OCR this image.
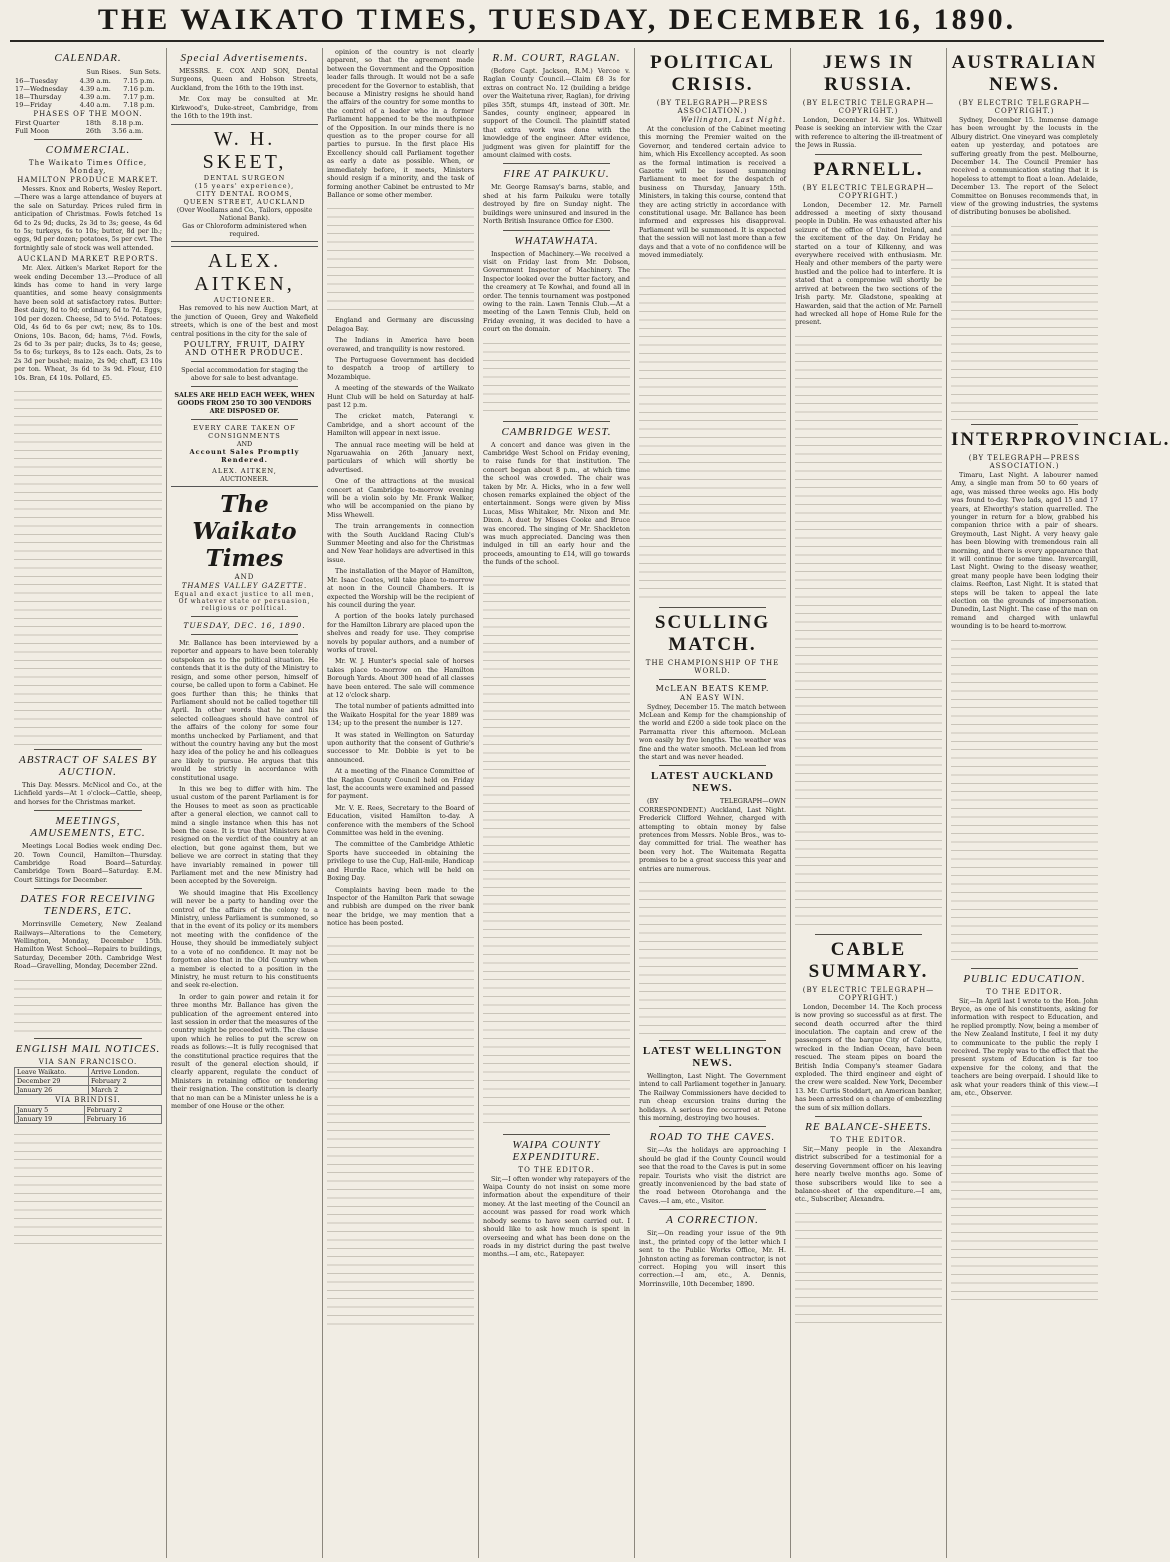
THE WAIKATO TIMES, TUESDAY, DECEMBER 16, 1890.
CALENDAR.
	Sun Rises.	Sun Sets.
16—Tuesday	4.39 a.m.	7.15 p.m.
17—Wednesday	4.39 a.m.	7.16 p.m.
18—Thursday	4.39 a.m.	7.17 p.m.
19—Friday	4.40 a.m.	7.18 p.m.
PHASES OF THE MOON.
First Quarter	18th	8.18 p.m.
Full Moon	26th	3.56 a.m.
COMMERCIAL.
The Waikato Times Office, Monday,
HAMILTON PRODUCE MARKET.

Messrs. Knox and Roberts, Wesley Report.—There was a large attendance of buyers at the sale on Saturday. Prices ruled firm in anticipation of Christmas. Fowls fetched 1s 6d to 2s 9d; ducks, 2s 3d to 3s; geese, 4s 6d to 5s; turkeys, 6s to 10s; butter, 8d per lb.; eggs, 9d per dozen; potatoes, 5s per cwt. The fortnightly sale of stock was well attended.

AUCKLAND MARKET REPORTS.

Mr. Alex. Aitken's Market Report for the week ending December 13.—Produce of all kinds has come to hand in very large quantities, and some heavy consignments have been sold at satisfactory rates. Butter: Best dairy, 8d to 9d; ordinary, 6d to 7d. Eggs, 10d per dozen. Cheese, 5d to 5½d. Potatoes: Old, 4s 6d to 6s per cwt; new, 8s to 10s. Onions, 10s. Bacon, 6d; hams, 7½d. Fowls, 2s 6d to 3s per pair; ducks, 3s to 4s; geese, 5s to 6s; turkeys, 8s to 12s each. Oats, 2s to 2s 3d per bushel; maize, 2s 9d; chaff, £3 10s per ton. Wheat, 3s 6d to 3s 9d. Flour, £10 10s. Bran, £4 10s. Pollard, £5.

ABSTRACT OF SALES BY AUCTION.

This Day. Messrs. McNicol and Co., at the Lichfield yards—At 1 o'clock—Cattle, sheep, and horses for the Christmas market.

MEETINGS, AMUSEMENTS, ETC.

Meetings Local Bodies week ending Dec. 20. Town Council, Hamilton—Thursday. Cambridge Road Board—Saturday. Cambridge Town Board—Saturday. E.M. Court Sittings for December.

DATES FOR RECEIVING TENDERS, ETC.

Morrinsville Cemetery, New Zealand Railways—Alterations to the Cemetery, Wellington, Monday, December 15th. Hamilton West School—Repairs to buildings, Saturday, December 20th. Cambridge West Road—Gravelling, Monday, December 22nd.

ENGLISH MAIL NOTICES.
VIA SAN FRANCISCO.
Leave Waikato.	Arrive London.
December 29	February 2
January 26	March 2
VIA BRINDISI.
January 5	February 2
January 19	February 16
Special Advertisements.

MESSRS. E. COX AND SON, Dental Surgeons, Queen and Hobson Streets, Auckland, from the 16th to the 19th inst.

Mr. Cox may be consulted at Mr. Kirkwood's, Duke-street, Cambridge, from the 16th to the 19th inst.

W. H. SKEET,
DENTAL SURGEON
(15 years' experience),
CITY DENTAL ROOMS,
QUEEN STREET, AUCKLAND
(Over Woollams and Co., Tailors, opposite National Bank).
Gas or Chloroform administered when required.
ALEX. AITKEN,
AUCTIONEER.

Has removed to his new Auction Mart, at the junction of Queen, Grey and Wakefield streets, which is one of the best and most central positions in the city for the sale of

POULTRY, FRUIT, DAIRY AND OTHER PRODUCE.
Special accommodation for staging the above for sale to best advantage.
SALES ARE HELD EACH WEEK, WHEN GOODS FROM 250 TO 300 VENDORS ARE DISPOSED OF.
EVERY CARE TAKEN OF CONSIGNMENTS
AND
Account Sales Promptly Rendered.
ALEX. AITKEN,
AUCTIONEER.
The Waikato Times
AND
THAMES VALLEY GAZETTE.
Equal and exact justice to all men, Of whatever state or persuasion, religious or political.
TUESDAY, DEC. 16, 1890.

Mr. Ballance has been interviewed by a reporter and appears to have been tolerably outspoken as to the political situation. He contends that it is the duty of the Ministry to resign, and some other person, himself of course, be called upon to form a Cabinet. He goes further than this; he thinks that Parliament should not be called together till April. In other words that he and his selected colleagues should have control of the affairs of the colony for some four months unchecked by Parliament, and that without the country having any but the most hazy idea of the policy he and his colleagues are likely to pursue. He argues that this would be strictly in accordance with constitutional usage.

In this we beg to differ with him. The usual custom of the parent Parliament is for the Houses to meet as soon as practicable after a general election, we cannot call to mind a single instance when this has not been the case. It is true that Ministers have resigned on the verdict of the country at an election, but gone against them, but we believe we are correct in stating that they have invariably remained in power till Parliament met and the new Ministry had been accepted by the Sovereign.

We should imagine that His Excellency will never be a party to handing over the control of the affairs of the colony to a Ministry, unless Parliament is summoned, so that in the event of its policy or its members not meeting with the confidence of the House, they should be immediately subject to a vote of no confidence. It may not be forgotten also that in the Old Country when a member is elected to a position in the Ministry, he must return to his constituents and seek re-election.

In order to gain power and retain it for three months Mr. Ballance has given the publication of the agreement entered into last session in order that the measures of the country might be proceeded with. The clause upon which he relies to put the screw on reads as follows:—It is fully recognised that the constitutional practice requires that the result of the general election should, if clearly apparent, regulate the conduct of Ministers in retaining office or tendering their resignation. The constitution is clearly that no man can be a Minister unless he is a member of one House or the other.

opinion of the country is not clearly apparent, so that the agreement made between the Government and the Opposition leader falls through. It would not be a safe precedent for the Governor to establish, that because a Ministry resigns he should hand the affairs of the country for some months to the control of a leader who in a former Parliament happened to be the mouthpiece of the Opposition. In our minds there is no question as to the proper course for all parties to pursue. In the first place His Excellency should call Parliament together as early a date as possible. When, or immediately before, it meets, Ministers should resign if a minority, and the task of forming another Cabinet be entrusted to Mr Ballance or some other member.

England and Germany are discussing Delagoa Bay.

The Indians in America have been overawed, and tranquility is now restored.

The Portuguese Government has decided to despatch a troop of artillery to Mozambique.

A meeting of the stewards of the Waikato Hunt Club will be held on Saturday at half-past 12 p.m.

The cricket match, Paterangi v. Cambridge, and a short account of the Hamilton will appear in next issue.

The annual race meeting will be held at Ngaruawahia on 26th January next, particulars of which will shortly be advertised.

One of the attractions at the musical concert at Cambridge to-morrow evening will be a violin solo by Mr. Frank Walker, who will be accompanied on the piano by Miss Whewell.

The train arrangements in connection with the South Auckland Racing Club's Summer Meeting and also for the Christmas and New Year holidays are advertised in this issue.

The installation of the Mayor of Hamilton, Mr. Isaac Coates, will take place to-morrow at noon in the Council Chambers. It is expected the Worship will be the recipient of his council during the year.

A portion of the books lately purchased for the Hamilton Library are placed upon the shelves and ready for use. They comprise novels by popular authors, and a number of works of travel.

Mr. W. J. Hunter's special sale of horses takes place to-morrow on the Hamilton Borough Yards. About 300 head of all classes have been entered. The sale will commence at 12 o'clock sharp.

The total number of patients admitted into the Waikato Hospital for the year 1889 was 134; up to the present the number is 127.

It was stated in Wellington on Saturday upon authority that the consent of Guthrie's successor to Mr. Dobbie is yet to be announced.

At a meeting of the Finance Committee of the Raglan County Council held on Friday last, the accounts were examined and passed for payment.

Mr. V. E. Rees, Secretary to the Board of Education, visited Hamilton to-day. A conference with the members of the School Committee was held in the evening.

The committee of the Cambridge Athletic Sports have succeeded in obtaining the privilege to use the Cup, Hall-mile, Handicap and Hurdle Race, which will be held on Boxing Day.

Complaints having been made to the Inspector of the Hamilton Park that sewage and rubbish are dumped on the river bank near the bridge, we may mention that a notice has been posted.

R.M. COURT, RAGLAN.

(Before Capt. Jackson, R.M.) Vercoe v. Raglan County Council.—Claim £8 3s for extras on contract No. 12 (building a bridge over the Waitetuna river, Raglan), for driving piles 35ft, stumps 4ft, instead of 30ft. Mr. Sandes, county engineer, appeared in support of the Council. The plaintiff stated that extra work was done with the knowledge of the engineer. After evidence, judgment was given for plaintiff for the amount claimed with costs.

FIRE AT PAIKUKU.

Mr. George Ramsay's barns, stable, and shed at his farm Paikuku were totally destroyed by fire on Sunday night. The buildings were uninsured and insured in the North British Insurance Office for £300.

WHATAWHATA.

Inspection of Machinery.—We received a visit on Friday last from Mr. Dobson, Government Inspector of Machinery. The Inspector looked over the butter factory, and the creamery at Te Kowhai, and found all in order. The tennis tournament was postponed owing to the rain. Lawn Tennis Club.—At a meeting of the Lawn Tennis Club, held on Friday evening, it was decided to have a court on the domain.

CAMBRIDGE WEST.

A concert and dance was given in the Cambridge West School on Friday evening, to raise funds for that institution. The concert began about 8 p.m., at which time the school was crowded. The chair was taken by Mr. A. Hicks, who in a few well chosen remarks explained the object of the entertainment. Songs were given by Miss Lucas, Miss Whitaker, Mr. Nixon and Mr. Dixon. A duet by Misses Cooke and Bruce was encored. The singing of Mr. Shackleton was much appreciated. Dancing was then indulged in till an early hour and the proceeds, amounting to £14, will go towards the funds of the school.

WAIPA COUNTY EXPENDITURE.
TO THE EDITOR.

Sir,—I often wonder why ratepayers of the Waipa County do not insist on some more information about the expenditure of their money. At the last meeting of the Council an account was passed for road work which nobody seems to have seen carried out. I should like to ask how much is spent in overseeing and what has been done on the roads in my district during the past twelve months.—I am, etc., Ratepayer.

POLITICAL CRISIS.
(BY TELEGRAPH—PRESS ASSOCIATION.)
Wellington, Last Night.

At the conclusion of the Cabinet meeting this morning the Premier waited on the Governor, and tendered certain advice to him, which His Excellency accepted. As soon as the formal intimation is received a Gazette will be issued summoning Parliament to meet for the despatch of business on Thursday, January 15th. Ministers, in taking this course, contend that they are acting strictly in accordance with constitutional usage. Mr. Ballance has been informed and expresses his disapproval. Parliament will be summoned. It is expected that the session will not last more than a few days and that a vote of no confidence will be moved immediately.

SCULLING MATCH.
THE CHAMPIONSHIP OF THE WORLD.
McLEAN BEATS KEMP.
AN EASY WIN.

Sydney, December 15. The match between McLean and Kemp for the championship of the world and £200 a side took place on the Parramatta river this afternoon. McLean won easily by five lengths. The weather was fine and the water smooth. McLean led from the start and was never headed.

LATEST AUCKLAND NEWS.

(BY TELEGRAPH—OWN CORRESPONDENT.) Auckland, Last Night. Frederick Clifford Wehner, charged with attempting to obtain money by false pretences from Messrs. Noble Bros., was to-day committed for trial. The weather has been very hot. The Waitemata Regatta promises to be a great success this year and entries are numerous.

LATEST WELLINGTON NEWS.

Wellington, Last Night. The Government intend to call Parliament together in January. The Railway Commissioners have decided to run cheap excursion trains during the holidays. A serious fire occurred at Petone this morning, destroying two houses.

ROAD TO THE CAVES.

Sir,—As the holidays are approaching I should be glad if the County Council would see that the road to the Caves is put in some repair. Tourists who visit the district are greatly inconvenienced by the bad state of the road between Otorohanga and the Caves.—I am, etc., Visitor.

A CORRECTION.

Sir,—On reading your issue of the 9th inst., the printed copy of the letter which I sent to the Public Works Office, Mr. H. Johnston acting as foreman contractor, is not correct. Hoping you will insert this correction.—I am, etc., A. Dennis, Morrinsville, 10th December, 1890.

JEWS IN RUSSIA.
(BY ELECTRIC TELEGRAPH—COPYRIGHT.)

London, December 14. Sir Jos. Whitwell Pease is seeking an interview with the Czar with reference to altering the ill-treatment of the Jews in Russia.

PARNELL.
(BY ELECTRIC TELEGRAPH—COPYRIGHT.)

London, December 12. Mr. Parnell addressed a meeting of sixty thousand people in Dublin. He was exhausted after his seizure of the office of United Ireland, and the excitement of the day. On Friday he started on a tour of Kilkenny, and was everywhere received with enthusiasm. Mr. Healy and other members of the party were hustled and the police had to interfere. It is stated that a compromise will shortly be arrived at between the two sections of the Irish party. Mr. Gladstone, speaking at Hawarden, said that the action of Mr. Parnell had wrecked all hope of Home Rule for the present.

CABLE SUMMARY.
(BY ELECTRIC TELEGRAPH—COPYRIGHT.)

London, December 14. The Koch process is now proving so successful as at first. The second death occurred after the third inoculation. The captain and crew of the passengers of the barque City of Calcutta, wrecked in the Indian Ocean, have been rescued. The steam pipes on board the British India Company's steamer Gadara exploded. The third engineer and eight of the crew were scalded. New York, December 13. Mr. Curtis Stoddart, an American banker, has been arrested on a charge of embezzling the sum of six million dollars.

RE BALANCE-SHEETS.
TO THE EDITOR.

Sir,—Many people in the Alexandra district subscribed for a testimonial for a deserving Government officer on his leaving here nearly twelve months ago. Some of those subscribers would like to see a balance-sheet of the expenditure.—I am, etc., Subscriber, Alexandra.

AUSTRALIAN NEWS.
(BY ELECTRIC TELEGRAPH—COPYRIGHT.)

Sydney, December 15. Immense damage has been wrought by the locusts in the Albury district. One vineyard was completely eaten up yesterday, and potatoes are suffering greatly from the pest. Melbourne, December 14. The Council Premier has received a communication stating that it is hopeless to attempt to float a loan. Adelaide, December 13. The report of the Select Committee on Bonuses recommends that, in view of the growing industries, the systems of distributing bonuses be abolished.

INTERPROVINCIAL.
(BY TELEGRAPH—PRESS ASSOCIATION.)

Timaru, Last Night. A labourer named Amy, a single man from 50 to 60 years of age, was missed three weeks ago. His body was found to-day. Two lads, aged 15 and 17 years, at Elworthy's station quarrelled. The younger in return for a blow, grabbed his companion thrice with a pair of shears. Greymouth, Last Night. A very heavy gale has been blowing with tremendous rain all morning, and there is every appearance that it will continue for some time. Invercargill, Last Night. Owing to the diseasy weather, great many people have been lodging their claims. Reefton, Last Night. It is stated that steps will be taken to appeal the late election on the grounds of impersonation. Dunedin, Last Night. The case of the man on remand and charged with unlawful wounding is to be heard to-morrow.

PUBLIC EDUCATION.
TO THE EDITOR.

Sir,—In April last I wrote to the Hon. John Bryce, as one of his constituents, asking for information with respect to Education, and he replied promptly. Now, being a member of the New Zealand Institute, I feel it my duty to communicate to the public the reply I received. The reply was to the effect that the present system of Education is far too expensive for the colony, and that the teachers are being overpaid. I should like to ask what your readers think of this view.—I am, etc., Observer.
